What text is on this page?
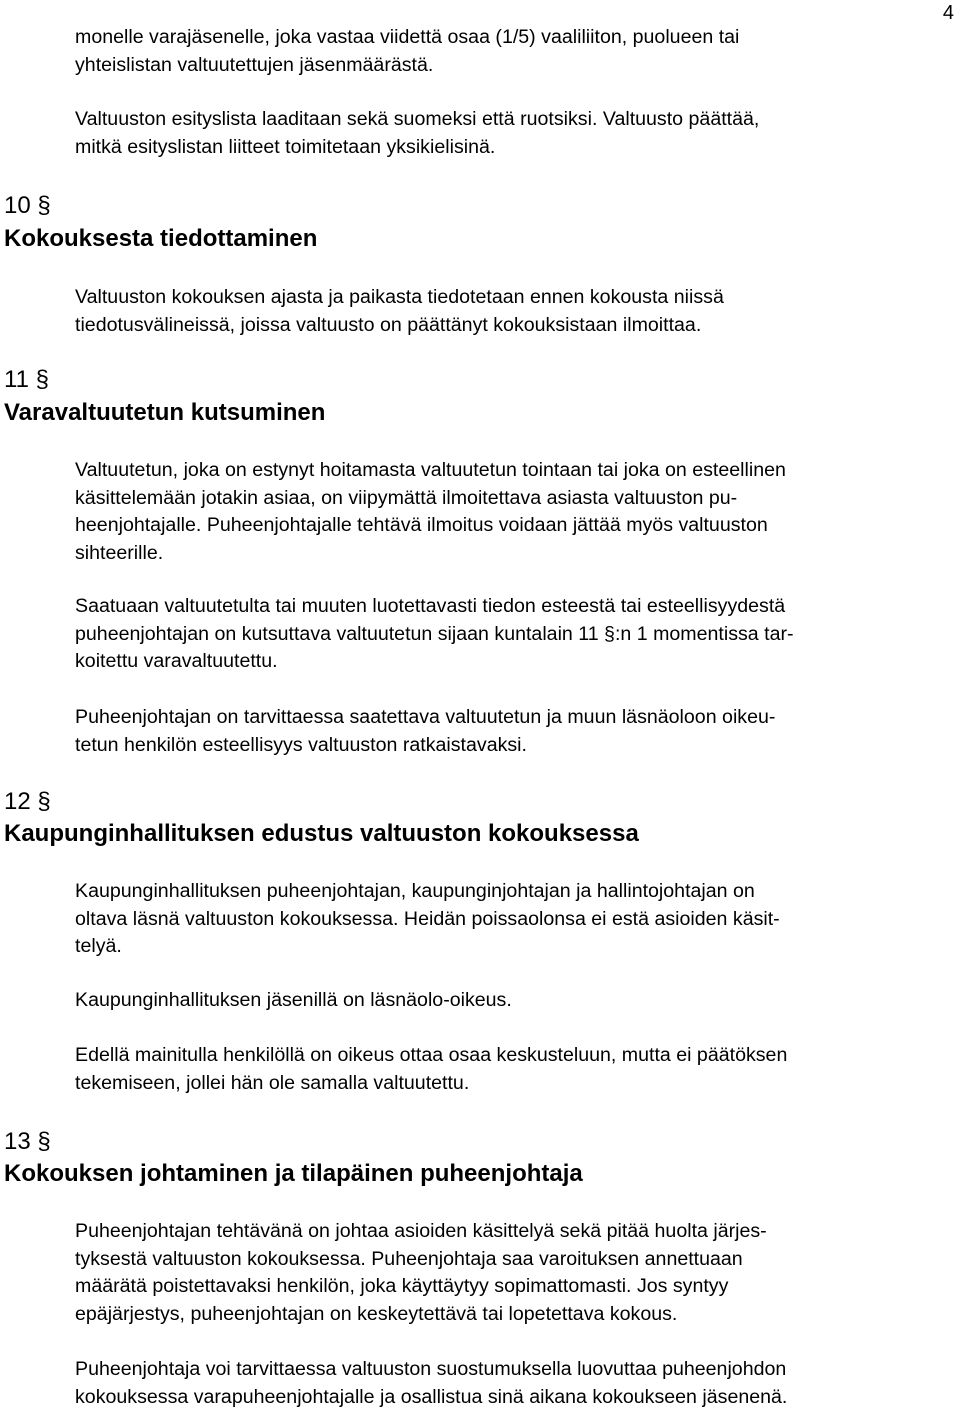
4

monelle varajäsenelle, joka vastaa viidettä osaa (1/5) vaaliliiton, puolueen tai
yhteislistan valtuutettujen jäsenmäärästä.

Valtuuston esityslista laaditaan sekä suomeksi että ruotsiksi. Valtuusto päättää,
mitkä esityslistan liitteet toimitetaan yksikielisinä.

10 §
Kokouksesta tiedottaminen

Valtuuston kokouksen ajasta ja paikasta tiedotetaan ennen kokousta niissä
tiedotusvälineissä, joissa valtuusto on päättänyt kokouksistaan ilmoittaa.

11 §
Varavaltuutetun kutsuminen

Valtuutetun, joka on estynyt hoitamasta valtuutetun tointaan tai joka on esteellinen
käsittelemään jotakin asiaa, on viipymättä ilmoitettava asiasta valtuuston pu-
heenjohtajalle. Puheenjohtajalle tehtävä ilmoitus voidaan jättää myös valtuuston
sihteerille.

Saatuaan valtuutetulta tai muuten luotettavasti tiedon esteestä tai esteellisyydestä
puheenjohtajan on kutsuttava valtuutetun sijaan kuntalain 11 §:n 1 momentissa tar-
koitettu varavaltuutettu.

Puheenjohtajan on tarvittaessa saatettava valtuutetun ja muun läsnäoloon oikeu-
tetun henkilön esteellisyys valtuuston ratkaistavaksi.

12 §
Kaupunginhallituksen edustus valtuuston kokouksessa

Kaupunginhallituksen puheenjohtajan, kaupunginjohtajan ja hallintojohtajan on
oltava läsnä valtuuston kokouksessa. Heidän poissaolonsa ei estä asioiden käsit-
telyä.

Kaupunginhallituksen jäsenillä on läsnäolo-oikeus.

Edellä mainitulla henkilöllä on oikeus ottaa osaa keskusteluun, mutta ei päätöksen
tekemiseen, jollei hän ole samalla valtuutettu.

13 §
Kokouksen johtaminen ja tilapäinen puheenjohtaja

Puheenjohtajan tehtävänä on johtaa asioiden käsittelyä sekä pitää huolta järjes-
tyksestä valtuuston kokouksessa. Puheenjohtaja saa varoituksen annettuaan
määrätä poistettavaksi henkilön, joka käyttäytyy sopimattomasti. Jos syntyy
epäjärjestys, puheenjohtajan on keskeytettävä tai lopetettava kokous.

Puheenjohtaja voi tarvittaessa valtuuston suostumuksella luovuttaa puheenjohdon
kokouksessa varapuheenjohtajalle ja osallistua sinä aikana kokoukseen jäsenenä.
